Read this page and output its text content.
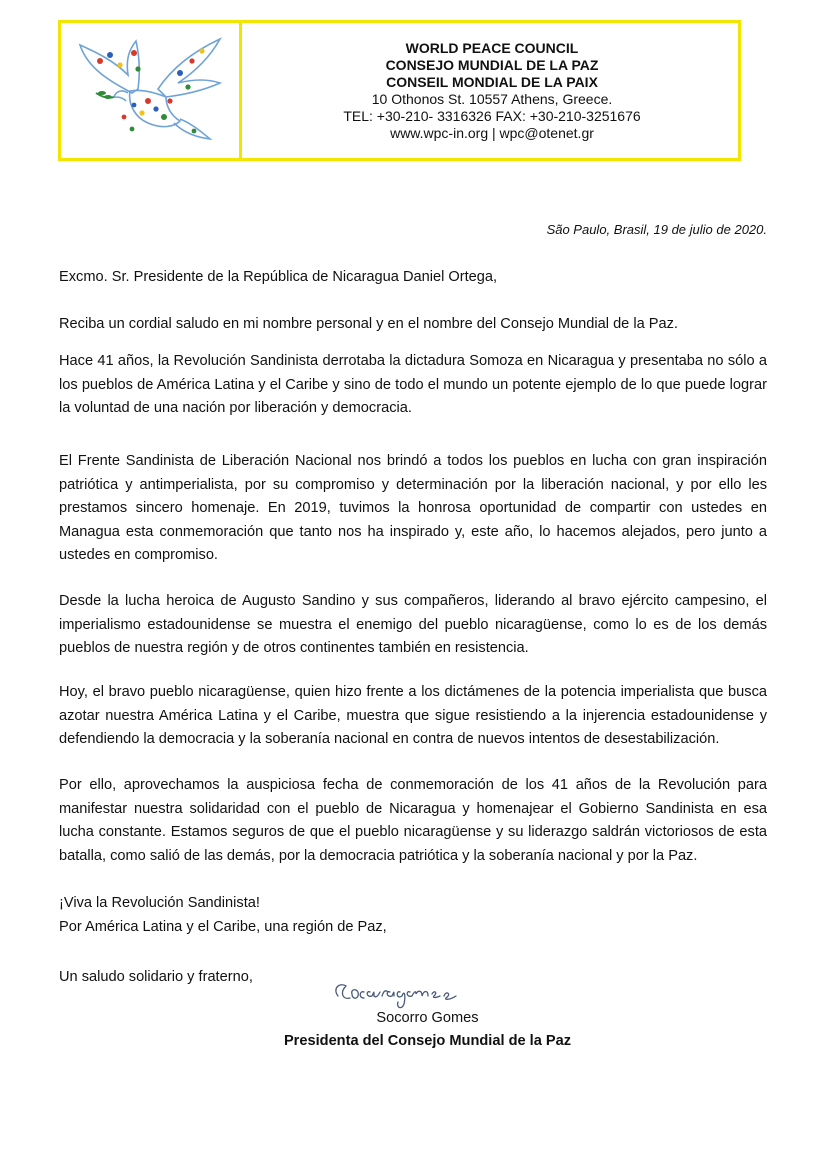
WORLD PEACE COUNCIL
CONSEJO MUNDIAL DE LA PAZ
CONSEIL MONDIAL DE LA PAIX
10 Othonos St. 10557 Athens, Greece.
TEL: +30-210- 3316326 FAX: +30-210-3251676
www.wpc-in.org | wpc@otenet.gr
São Paulo, Brasil, 19 de julio de 2020.
Excmo. Sr. Presidente de la República de Nicaragua Daniel Ortega,

Reciba un cordial saludo en mi nombre personal y en el nombre del Consejo Mundial de la Paz.

Hace 41 años, la Revolución Sandinista derrotaba la dictadura Somoza en Nicaragua y presentaba no sólo a los pueblos de América Latina y el Caribe y sino de todo el mundo un potente ejemplo de lo que puede lograr la voluntad de una nación por liberación y democracia.

El Frente Sandinista de Liberación Nacional nos brindó a todos los pueblos en lucha con gran inspiración patriótica y antimperialista, por su compromiso y determinación por la liberación nacional, y por ello les prestamos sincero homenaje. En 2019, tuvimos la honrosa oportunidad de compartir con ustedes en Managua esta conmemoración que tanto nos ha inspirado y, este año, lo hacemos alejados, pero junto a ustedes en compromiso.

Desde la lucha heroica de Augusto Sandino y sus compañeros, liderando al bravo ejército campesino, el imperialismo estadounidense se muestra el enemigo del pueblo nicaragüense, como lo es de los demás pueblos de nuestra región y de otros continentes también en resistencia.

Hoy, el bravo pueblo nicaragüense, quien hizo frente a los dictámenes de la potencia imperialista que busca azotar nuestra América Latina y el Caribe, muestra que sigue resistiendo a la injerencia estadounidense y defendiendo la democracia y la soberanía nacional en contra de nuevos intentos de desestabilización.

Por ello, aprovechamos la auspiciosa fecha de conmemoración de los 41 años de la Revolución para manifestar nuestra solidaridad con el pueblo de Nicaragua y homenajear el Gobierno Sandinista en esa lucha constante. Estamos seguros de que el pueblo nicaragüense y su liderazgo saldrán victoriosos de esta batalla, como salió de las demás, por la democracia patriótica y la soberanía nacional y por la Paz.

¡Viva la Revolución Sandinista!
Por América Latina y el Caribe, una región de Paz,
Un saludo solidario y fraterno,
Socorro Gomes
Presidenta del Consejo Mundial de la Paz
